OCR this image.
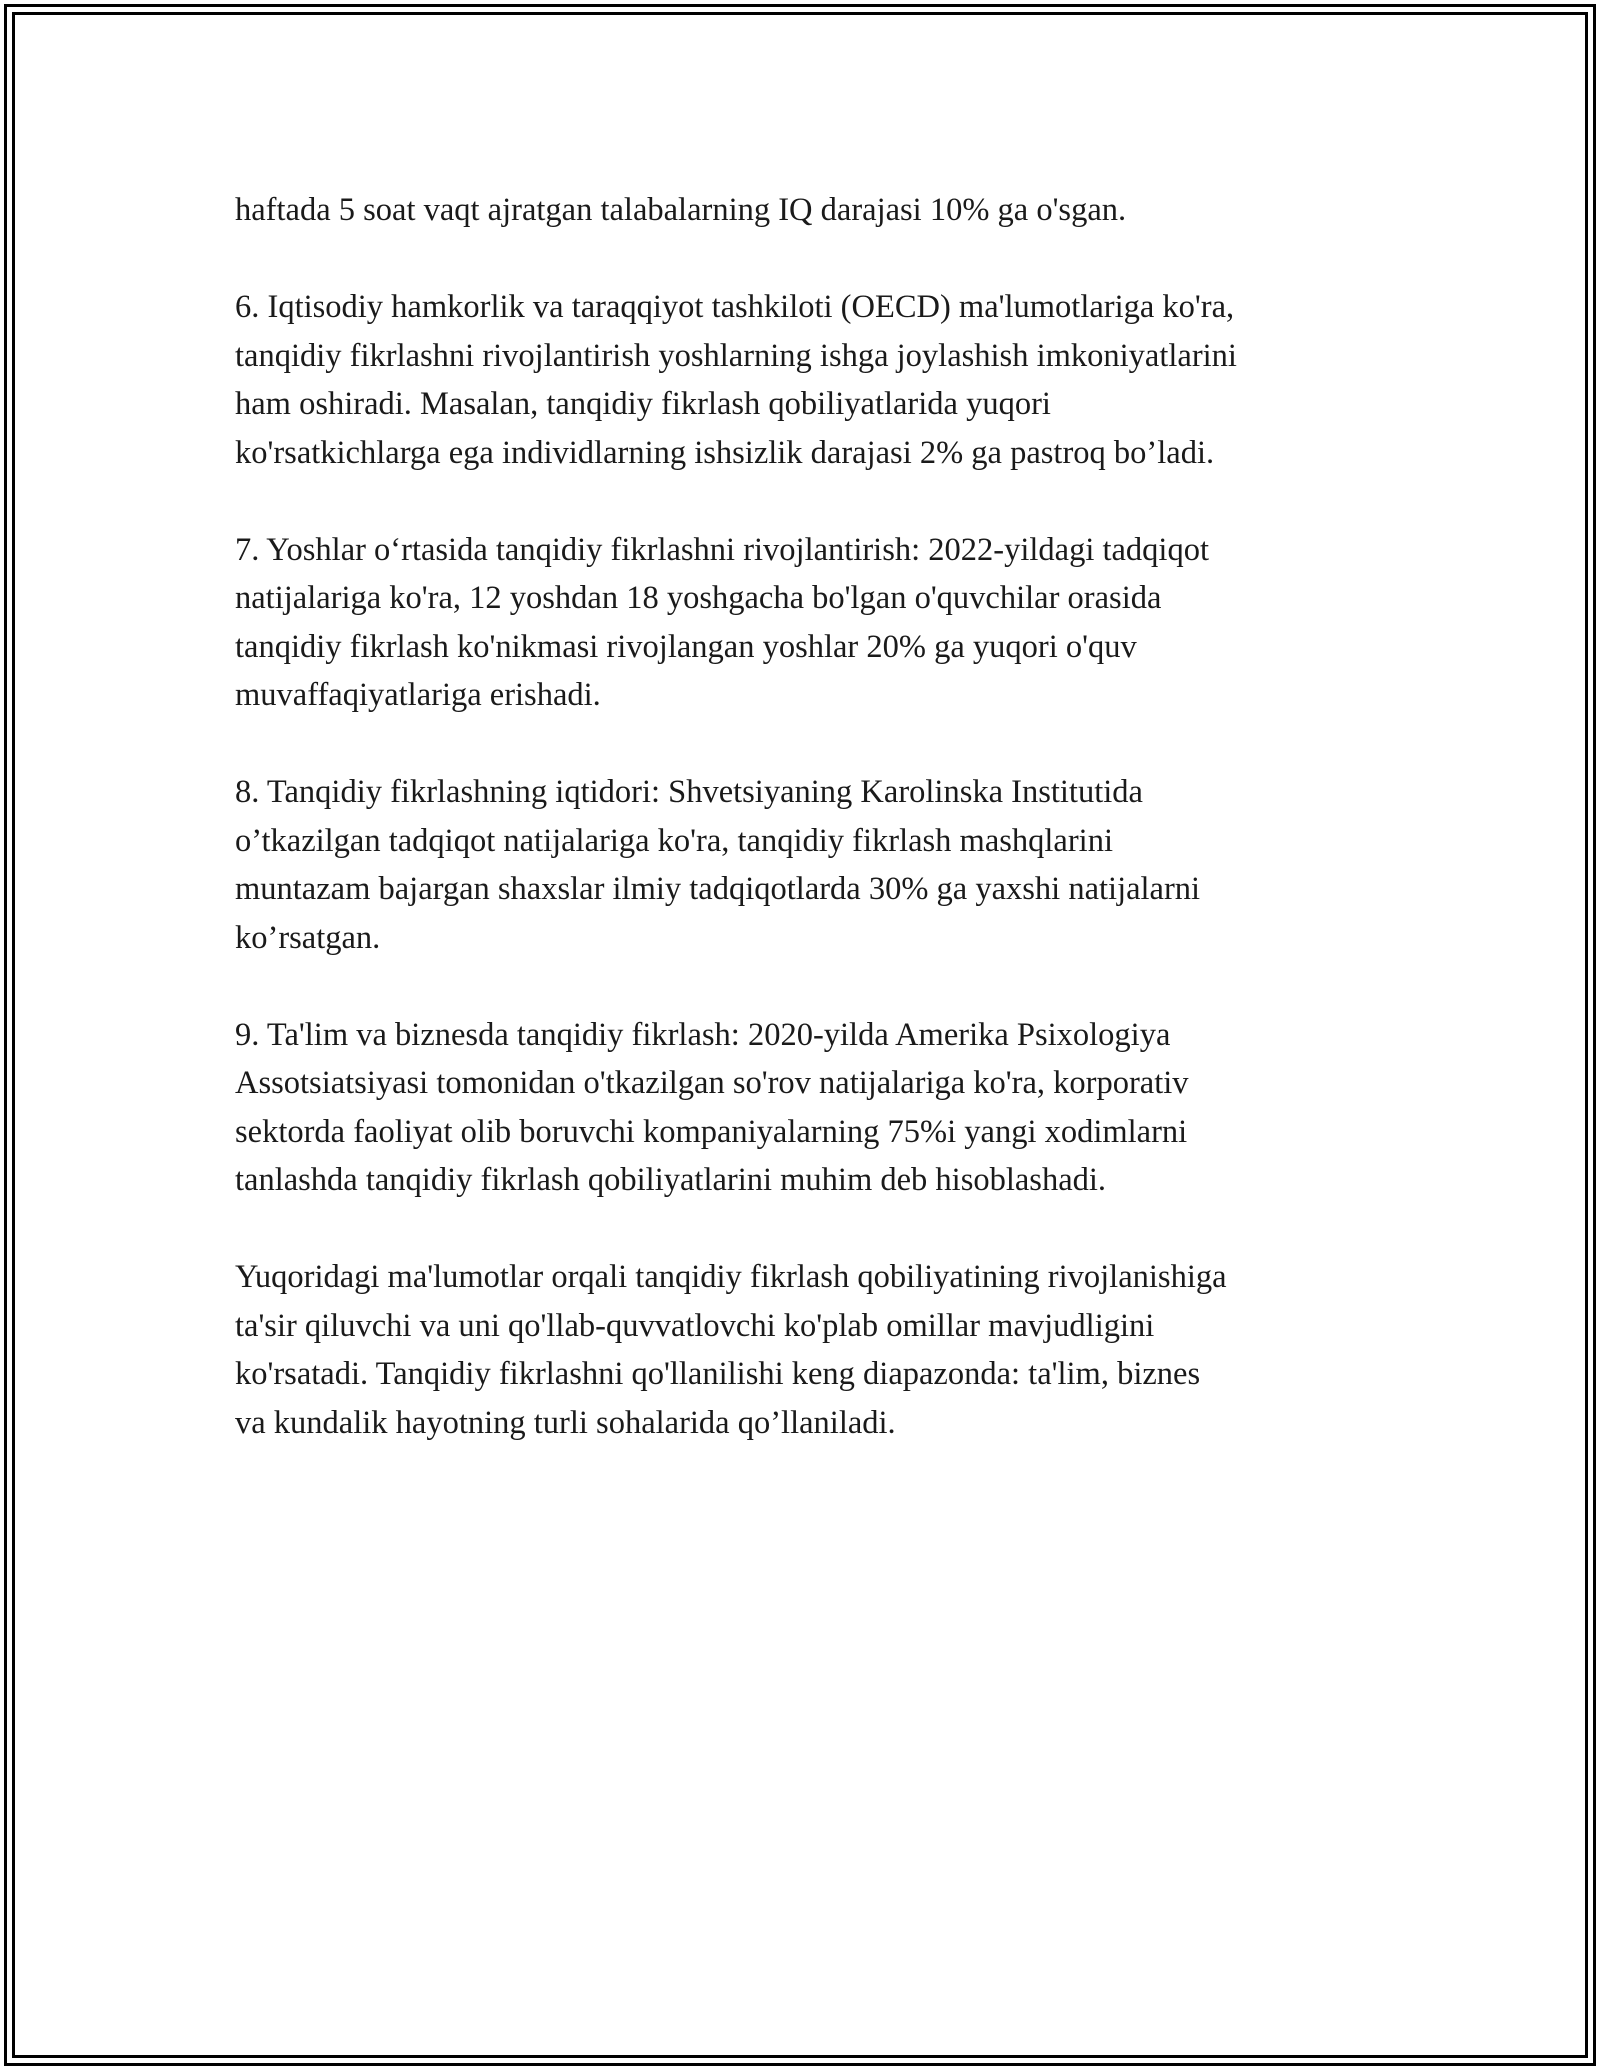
haftada 5 soat vaqt ajratgan talabalarning IQ darajasi 10% ga o'sgan.

6. Iqtisodiy hamkorlik va taraqqiyot tashkiloti (OECD) ma'lumotlariga ko'ra,
tanqidiy fikrlashni rivojlantirish yoshlarning ishga joylashish imkoniyatlarini
ham oshiradi. Masalan, tanqidiy fikrlash qobiliyatlarida yuqori
ko'rsatkichlarga ega individlarning ishsizlik darajasi 2% ga pastroq bo’ladi.

7. Yoshlar o‘rtasida tanqidiy fikrlashni rivojlantirish: 2022-yildagi tadqiqot
natijalariga ko'ra, 12 yoshdan 18 yoshgacha bo'lgan o'quvchilar orasida
tanqidiy fikrlash ko'nikmasi rivojlangan yoshlar 20% ga yuqori o'quv
muvaffaqiyatlariga erishadi.

8. Tanqidiy fikrlashning iqtidori: Shvetsiyaning Karolinska Institutida
o’tkazilgan tadqiqot natijalariga ko'ra, tanqidiy fikrlash mashqlarini
muntazam bajargan shaxslar ilmiy tadqiqotlarda 30% ga yaxshi natijalarni
ko’rsatgan.

9. Ta'lim va biznesda tanqidiy fikrlash: 2020-yilda Amerika Psixologiya
Assotsiatsiyasi tomonidan o'tkazilgan so'rov natijalariga ko'ra, korporativ
sektorda faoliyat olib boruvchi kompaniyalarning 75%i yangi xodimlarni
tanlashda tanqidiy fikrlash qobiliyatlarini muhim deb hisoblashadi.

Yuqoridagi ma'lumotlar orqali tanqidiy fikrlash qobiliyatining rivojlanishiga
ta'sir qiluvchi va uni qo'llab-quvvatlovchi ko'plab omillar mavjudligini
ko'rsatadi. Tanqidiy fikrlashni qo'llanilishi keng diapazonda: ta'lim, biznes
va kundalik hayotning turli sohalarida qo’llaniladi.
